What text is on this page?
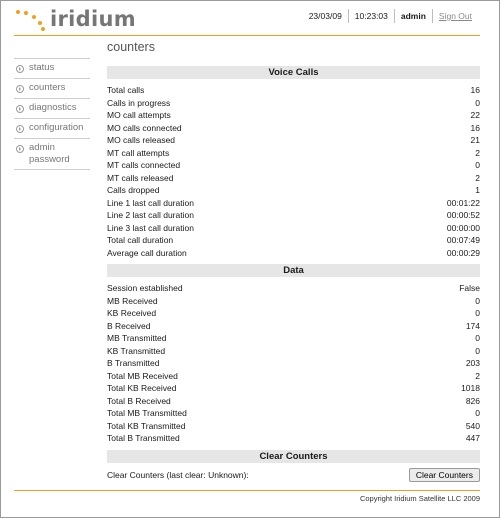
iridium	23/03/09	10:23:03	admin	Sign Out
counters
status
counters
diagnostics
configuration
admin password
Voice Calls
Total calls	16
Calls in progress	0
MO call attempts	22
MO calls connected	16
MO calls released	21
MT call attempts	2
MT calls connected	0
MT calls released	2
Calls dropped	1
Line 1 last call duration	00:01:22
Line 2 last call duration	00:00:52
Line 3 last call duration	00:00:00
Total call duration	00:07:49
Average call duration	00:00:29
Data
Session established	False
MB Received	0
KB Received	0
B Received	174
MB Transmitted	0
KB Transmitted	0
B Transmitted	203
Total MB Received	2
Total KB Received	1018
Total B Received	826
Total MB Transmitted	0
Total KB Transmitted	540
Total B Transmitted	447
Clear Counters
Clear Counters (last clear: Unknown):	Clear Counters
Copyright Iridium Satellite LLC 2009
